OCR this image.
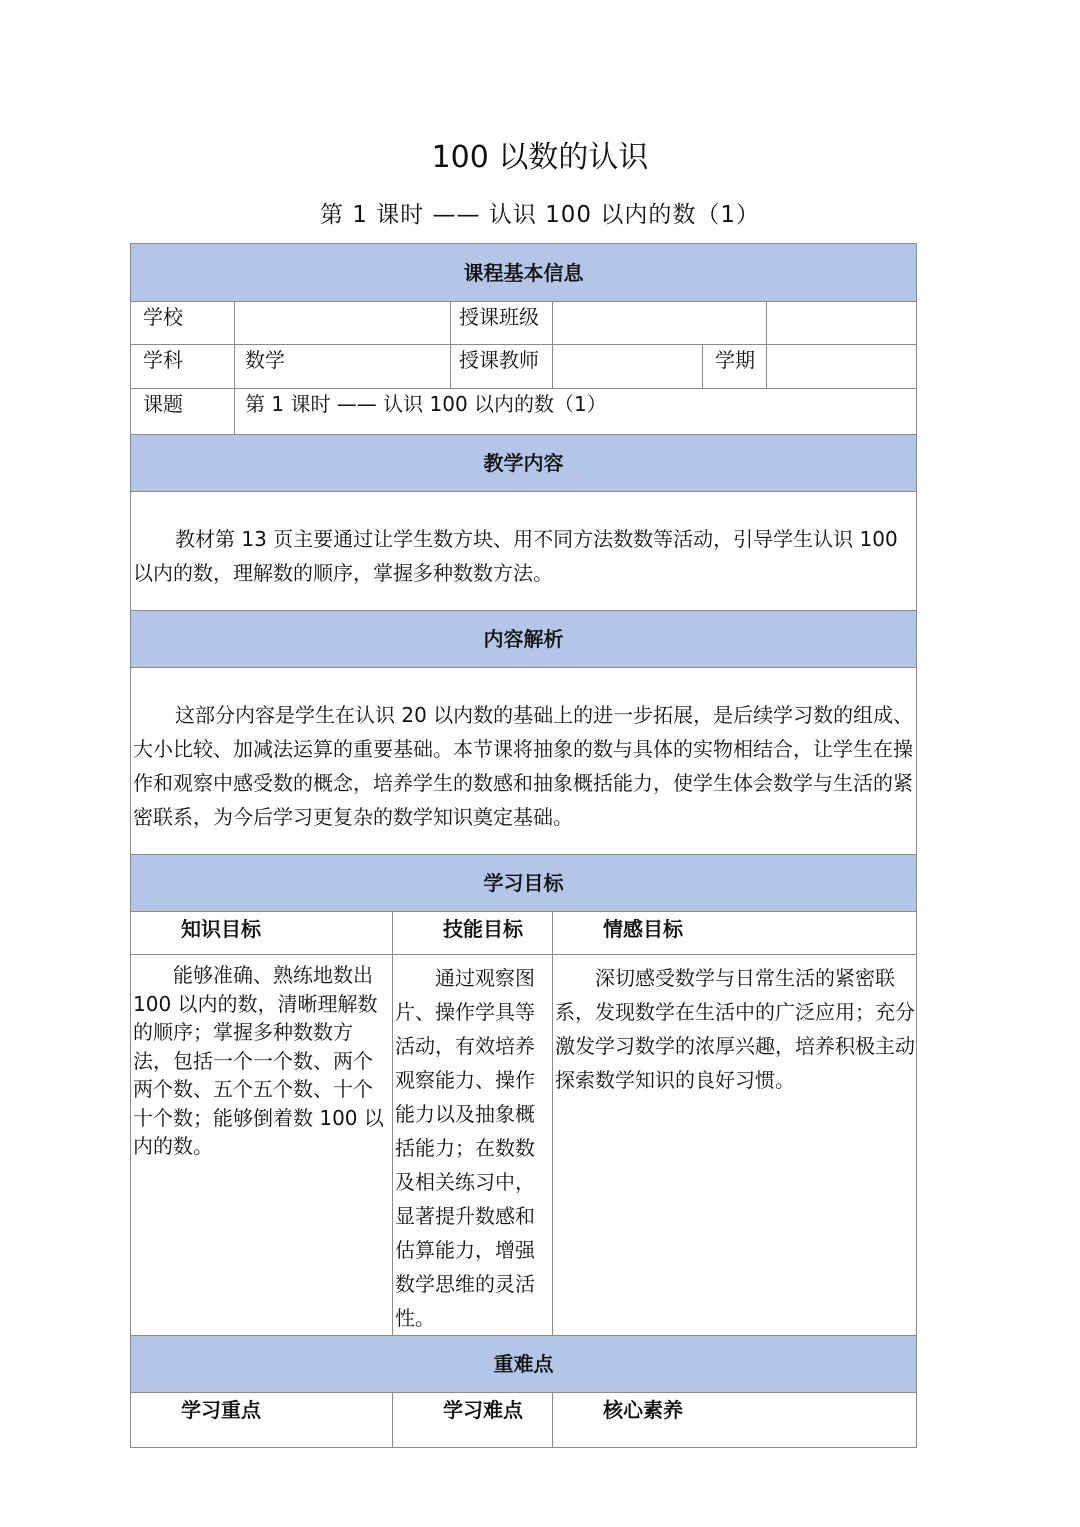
100 以数的认识
第 1 课时 —— 认识 100 以内的数（1）
课程基本信息						
学校			授课班级			
学科	数学		授课教师		学期	
课题	第 1 课时 —— 认识 100 以内的数（1）					
教学内容						

教材第 13 页主要通过让学生数方块、用不同方法数数等活动，引导学生认识 100 以内的数，理解数的顺序，掌握多种数数方法。						

内容解析						

这部分内容是学生在认识 20 以内数的基础上的进一步拓展，是后续学习数的组成、大小比较、加减法运算的重要基础。本节课将抽象的数与具体的实物相结合，让学生在操作和观察中感受数的概念，培养学生的数感和抽象概括能力，使学生体会数学与生活的紧密联系，为今后学习更复杂的数学知识奠定基础。						

学习目标						
知识目标		技能目标		情感目标		

能够准确、熟练地数出 100 以内的数，清晰理解数的顺序；掌握多种数数方法，包括一个一个数、两个两个数、五个五个数、十个十个数；能够倒着数 100 以内的数。		通过观察图片、操作学具等活动，有效培养观察能力、操作能力以及抽象概括能力；在数数及相关练习中，显著提升数感和估算能力，增强数学思维的灵活性。		深切感受数学与日常生活的紧密联系，发现数学在生活中的广泛应用；充分激发学习数学的浓厚兴趣，培养积极主动探索数学知识的良好习惯。		

重难点						
学习重点		学习难点		核心素养		
